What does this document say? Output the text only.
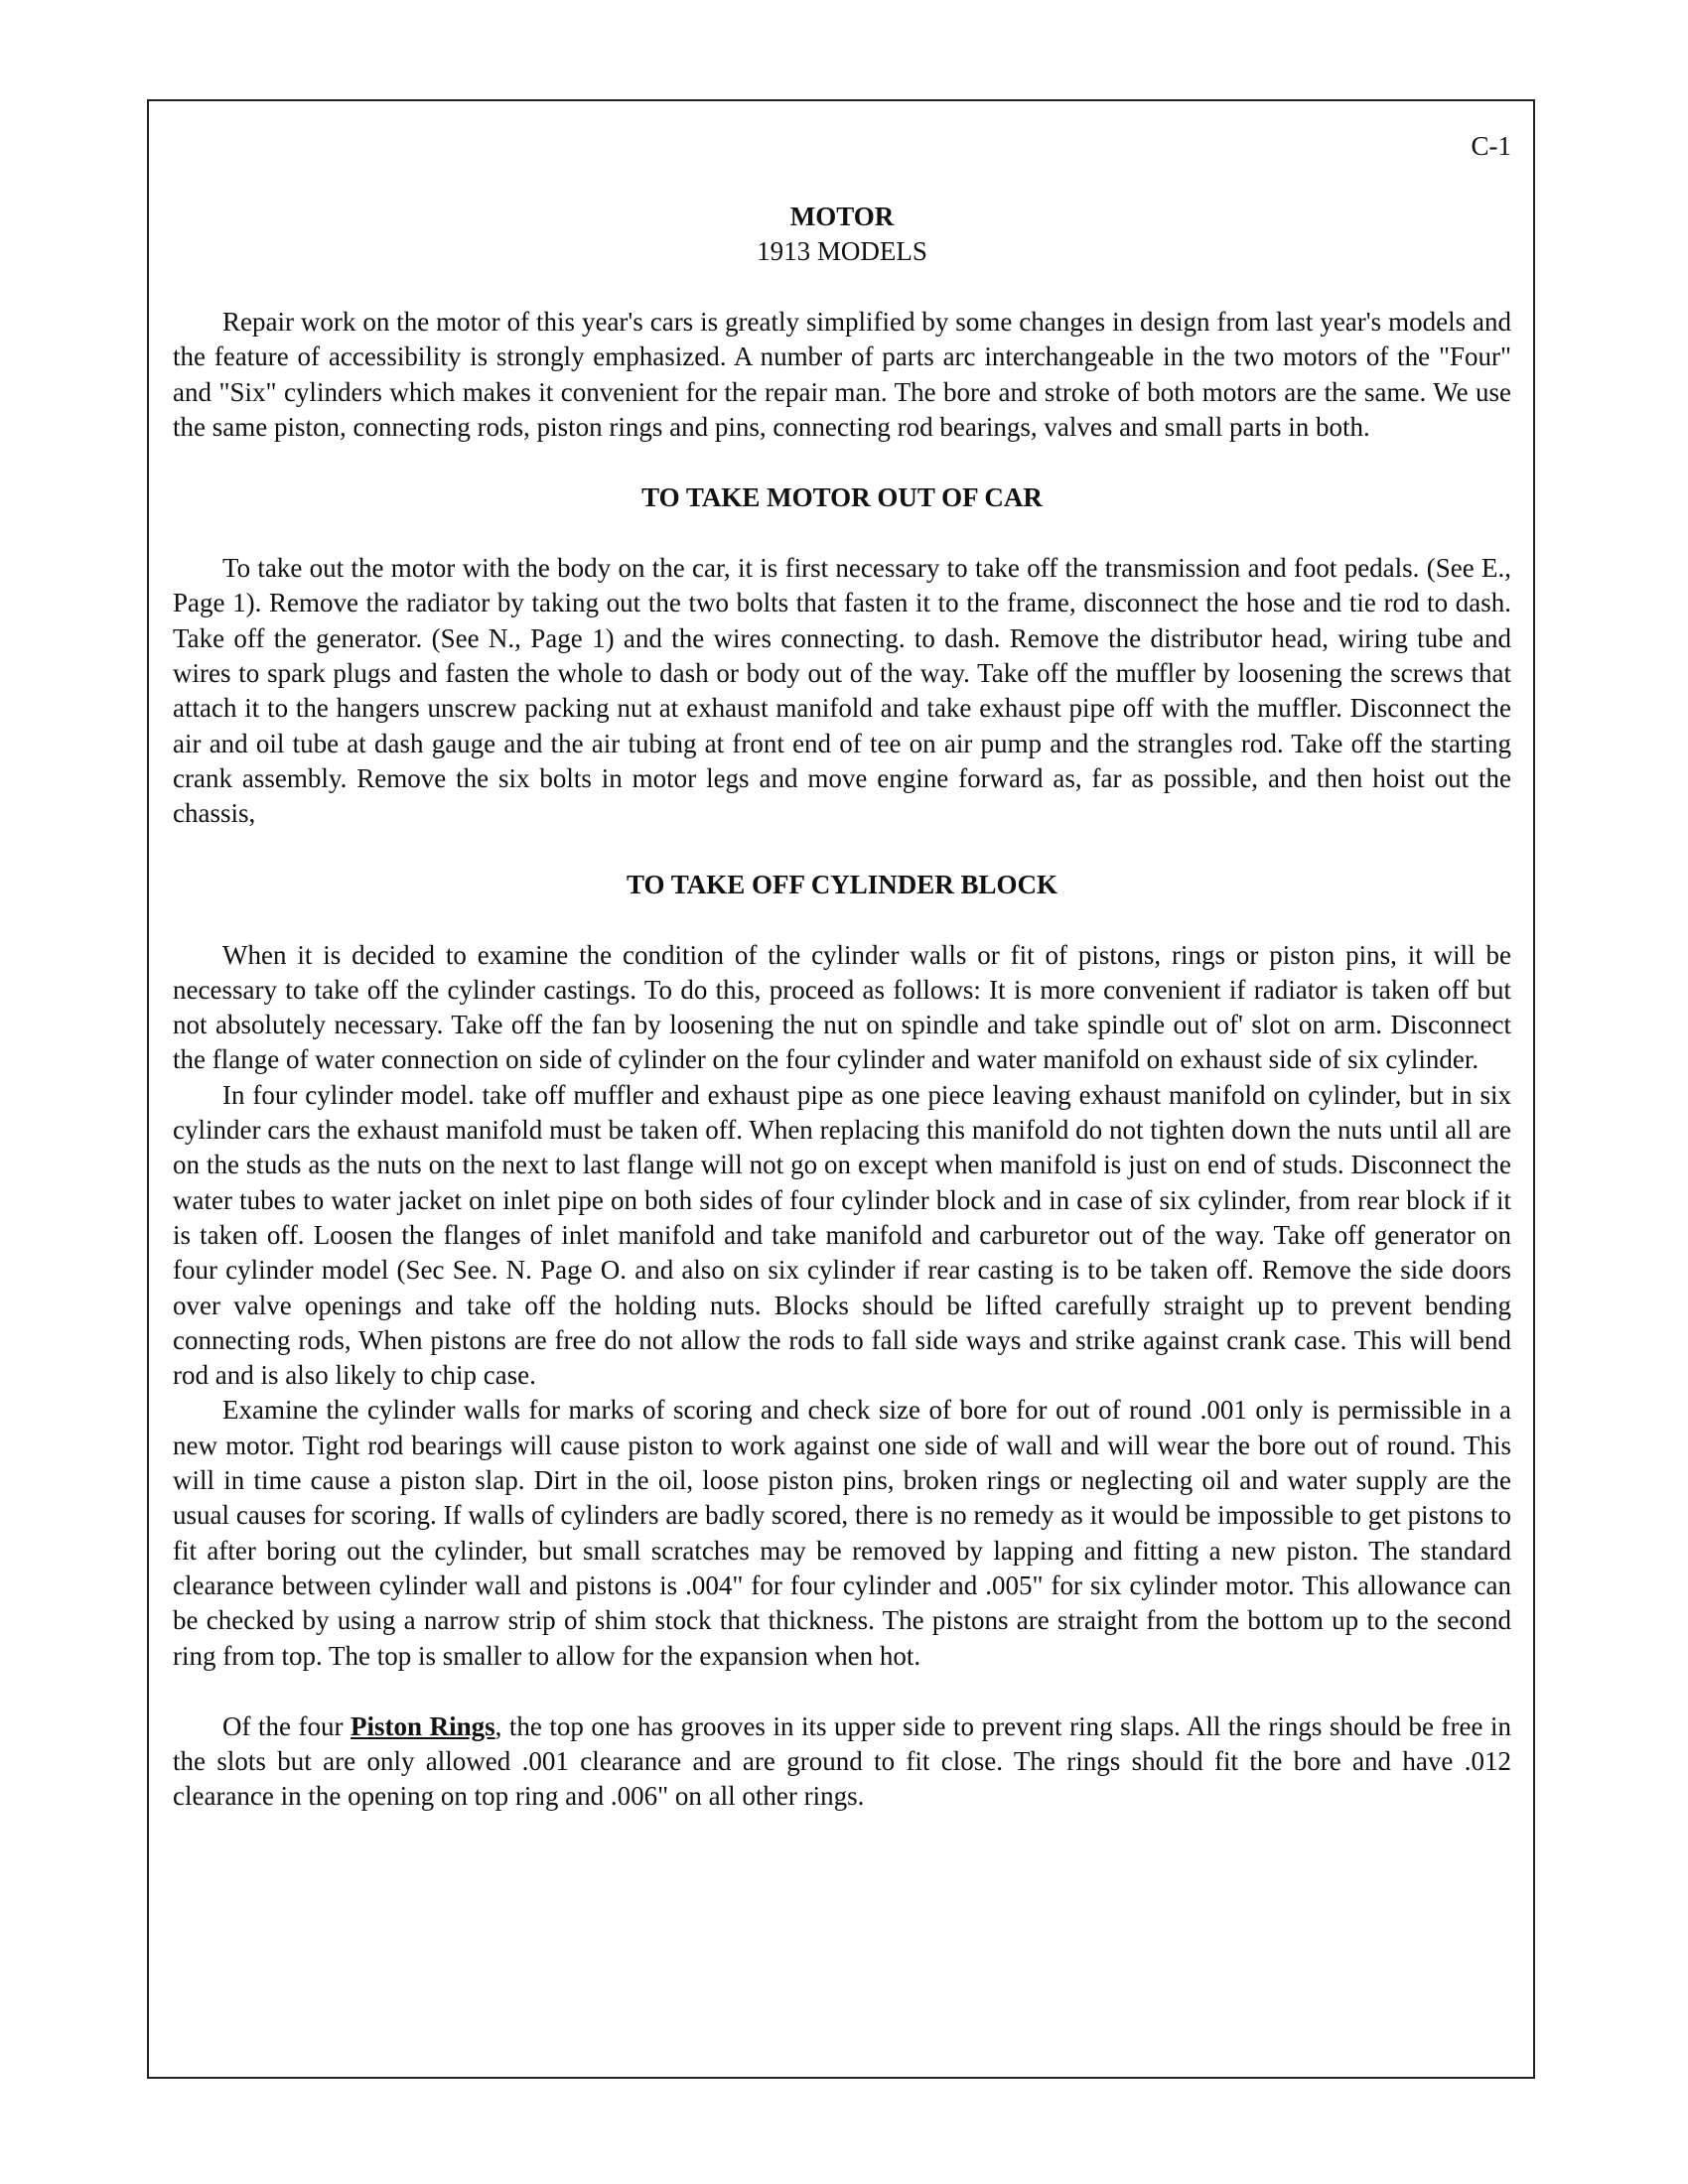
C-1
MOTOR
1913 MODELS

Repair work on the motor of this year's cars is greatly simplified by some changes in design from last year's models and the feature of accessibility is strongly emphasized. A number of parts arc interchangeable in the two motors of the "Four" and "Six" cylinders which makes it convenient for the repair man. The bore and stroke of both motors are the same. We use the same piston, connecting rods, piston rings and pins, connecting rod bearings, valves and small parts in both.

TO TAKE MOTOR OUT OF CAR

To take out the motor with the body on the car, it is first necessary to take off the transmission and foot pedals. (See E., Page 1). Remove the radiator by taking out the two bolts that fasten it to the frame, disconnect the hose and tie rod to dash. Take off the generator. (See N., Page 1) and the wires connecting. to dash. Remove the distributor head, wiring tube and wires to spark plugs and fasten the whole to dash or body out of the way. Take off the muffler by loosening the screws that attach it to the hangers unscrew packing nut at exhaust manifold and take exhaust pipe off with the muffler. Disconnect the air and oil tube at dash gauge and the air tubing at front end of tee on air pump and the strangles rod. Take off the starting crank assembly. Remove the six bolts in motor legs and move engine forward as, far as possible, and then hoist out the chassis,

TO TAKE OFF CYLINDER BLOCK

When it is decided to examine the condition of the cylinder walls or fit of pistons, rings or piston pins, it will be necessary to take off the cylinder castings. To do this, proceed as follows: It is more convenient if radiator is taken off but not absolutely necessary. Take off the fan by loosening the nut on spindle and take spindle out of' slot on arm. Disconnect the flange of water connection on side of cylinder on the four cylinder and water manifold on exhaust side of six cylinder.

In four cylinder model. take off muffler and exhaust pipe as one piece leaving exhaust manifold on cylinder, but in six cylinder cars the exhaust manifold must be taken off. When replacing this manifold do not tighten down the nuts until all are on the studs as the nuts on the next to last flange will not go on except when manifold is just on end of studs. Disconnect the water tubes to water jacket on inlet pipe on both sides of four cylinder block and in case of six cylinder, from rear block if it is taken off. Loosen the flanges of inlet manifold and take manifold and carburetor out of the way. Take off generator on four cylinder model (Sec See. N. Page O. and also on six cylinder if rear casting is to be taken off. Remove the side doors over valve openings and take off the holding nuts. Blocks should be lifted carefully straight up to prevent bending connecting rods, When pistons are free do not allow the rods to fall side ways and strike against crank case. This will bend rod and is also likely to chip case.

Examine the cylinder walls for marks of scoring and check size of bore for out of round .001 only is permissible in a new motor. Tight rod bearings will cause piston to work against one side of wall and will wear the bore out of round. This will in time cause a piston slap. Dirt in the oil, loose piston pins, broken rings or neglecting oil and water supply are the usual causes for scoring. If walls of cylinders are badly scored, there is no remedy as it would be impossible to get pistons to fit after boring out the cylinder, but small scratches may be removed by lapping and fitting a new piston. The standard clearance between cylinder wall and pistons is .004" for four cylinder and .005" for six cylinder motor. This allowance can be checked by using a narrow strip of shim stock that thickness. The pistons are straight from the bottom up to the second ring from top. The top is smaller to allow for the expansion when hot.

Of the four Piston Rings, the top one has grooves in its upper side to prevent ring slaps. All the rings should be free in the slots but are only allowed .001 clearance and are ground to fit close. The rings should fit the bore and have .012 clearance in the opening on top ring and .006" on all other rings.
